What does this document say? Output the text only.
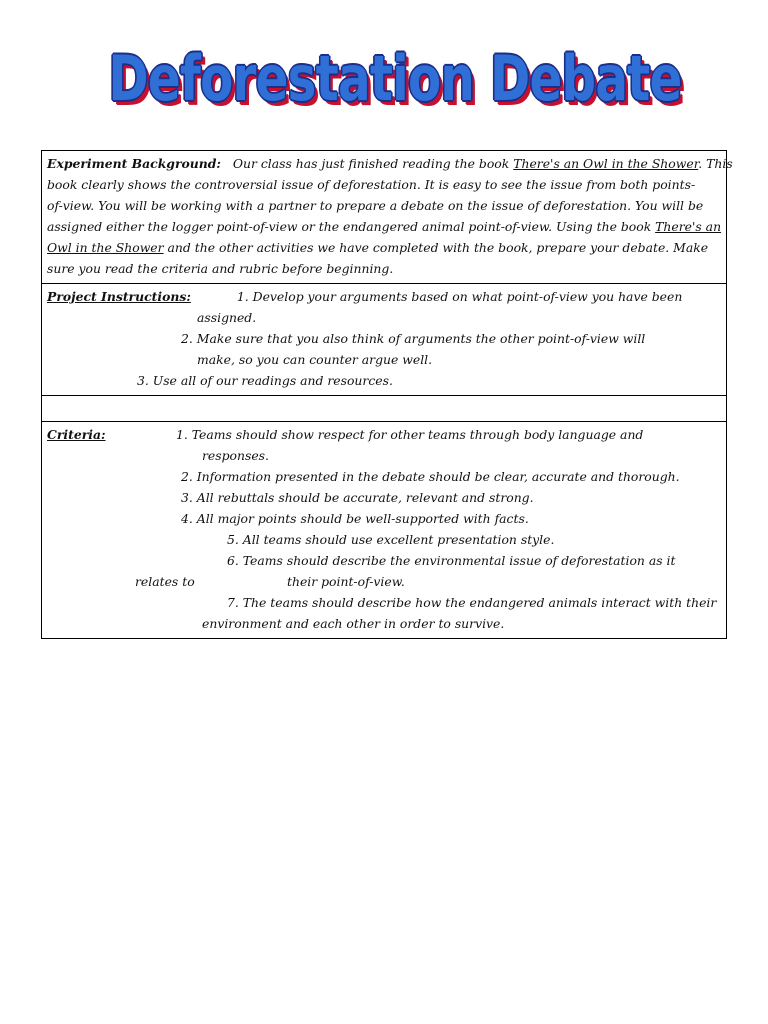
Deforestation Debate
Experiment Background: Our class has just finished reading the book There's an Owl in the Shower. This
book clearly shows the controversial issue of deforestation. It is easy to see the issue from both points-
of-view. You will be working with a partner to prepare a debate on the issue of deforestation. You will be
assigned either the logger point-of-view or the endangered animal point-of-view. Using the book There's an
Owl in the Shower and the other activities we have completed with the book, prepare your debate. Make
sure you read the criteria and rubric before beginning.

Project Instructions:	1. Develop your arguments based on what point-of-view you have been
assigned.
2. Make sure that you also think of arguments the other point-of-view will
make, so you can counter argue well.
3. Use all of our readings and resources.

Criteria:	1. Teams should show respect for other teams through body language and
responses.
2. Information presented in the debate should be clear, accurate and thorough.
3. All rebuttals should be accurate, relevant and strong.
4. All major points should be well-supported with facts.
5. All teams should use excellent presentation style.
6. Teams should describe the environmental issue of deforestation as it
relates to	their point-of-view.
7. The teams should describe how the endangered animals interact with their
environment and each other in order to survive.
